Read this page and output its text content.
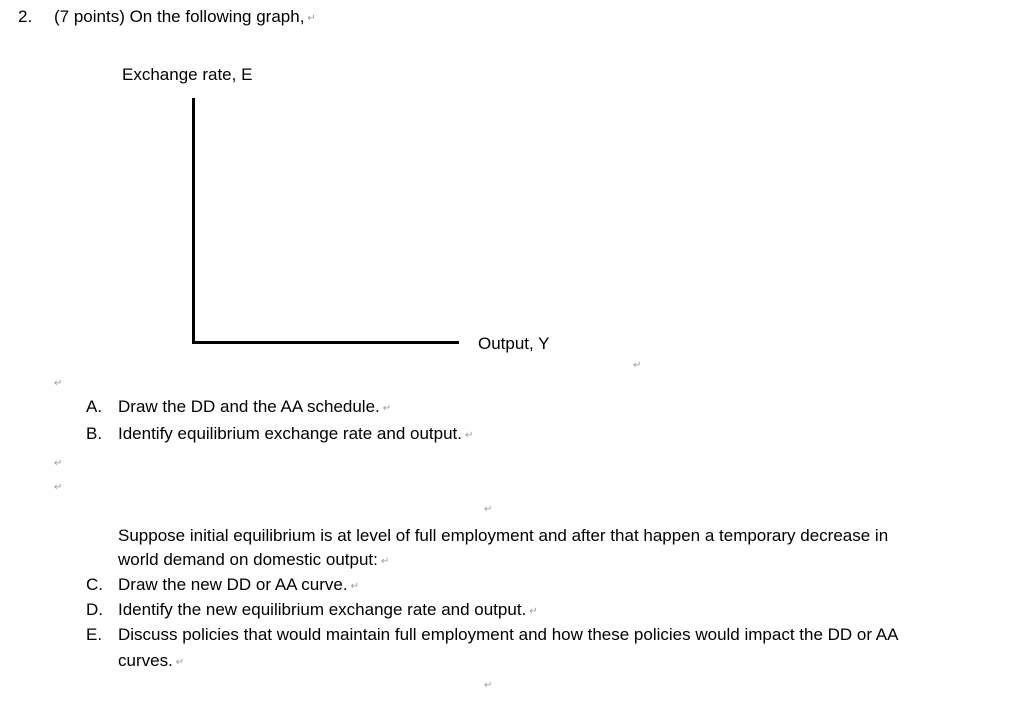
2. (7 points) On the following graph, ↵
Exchange rate, E
Output, Y
↵
↵
A. Draw the DD and the AA schedule. ↵
B. Identify equilibrium exchange rate and output. ↵
↵
↵
↵
Suppose initial equilibrium is at level of full employment and after that happen a temporary decrease in
world demand on domestic output: ↵
C. Draw the new DD or AA curve. ↵
D. Identify the new equilibrium exchange rate and output. ↵
E. Discuss policies that would maintain full employment and how these policies would impact the DD or AA
curves. ↵
↵
